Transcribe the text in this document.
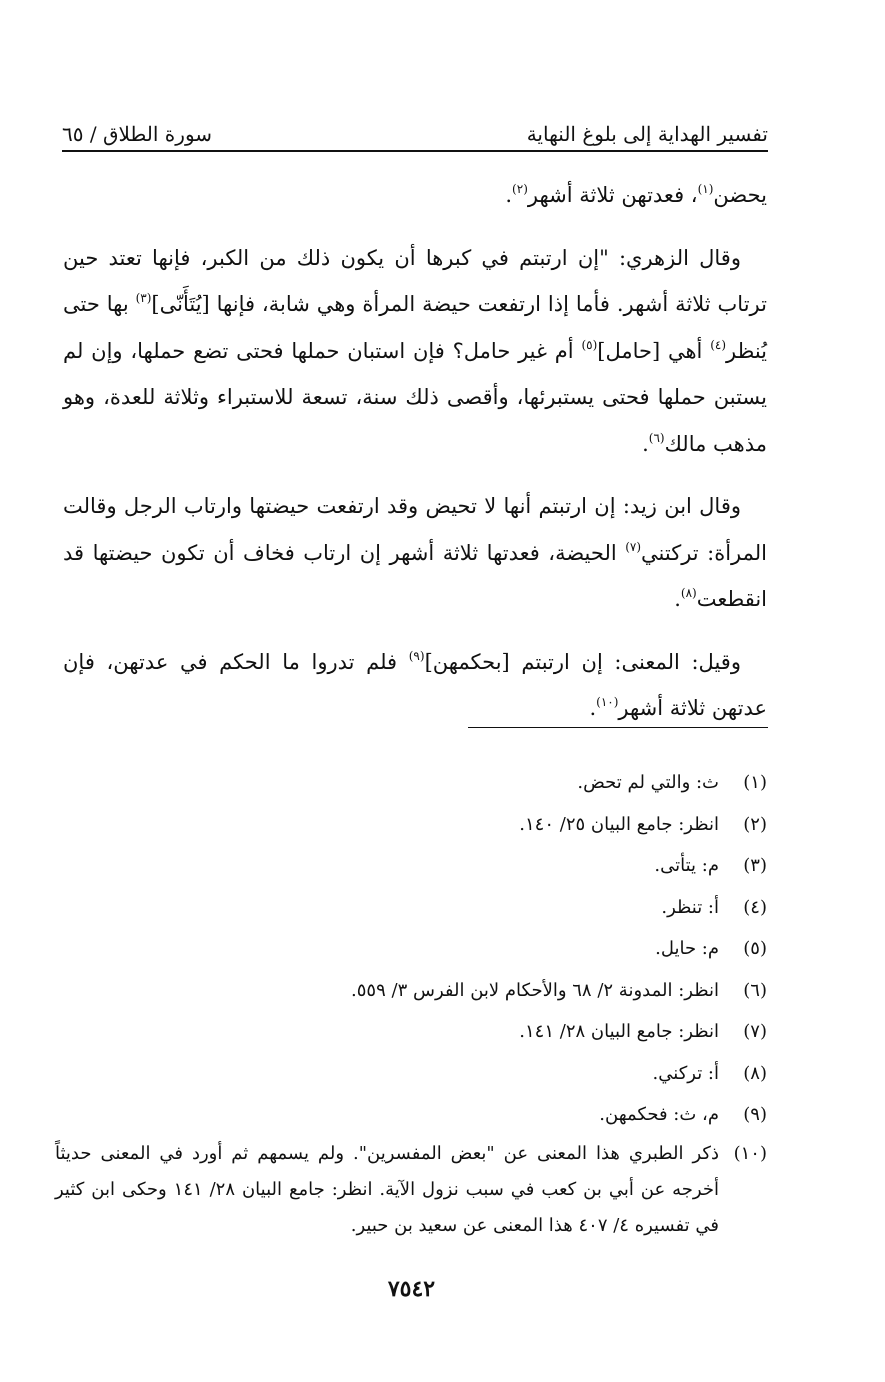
تفسير الهداية إلى بلوغ النهاية
سورة الطلاق / ٦٥

يحضن$^{(١)}$، فعدتهن ثلاثة أشهر$^{(٢)}$.

وقال الزهري: "إن ارتبتم في كبرها أن يكون ذلك من الكبر، فإنها تعتد حين ترتاب ثلاثة أشهر. فأما إذا ارتفعت حيضة المرأة وهي شابة، فإنها [يُتَأَنّى]$^{(٣)}$ بها حتى يُنظر$^{(٤)}$ أهي [حامل]$^{(٥)}$ أم غير حامل؟ فإن استبان حملها فحتى تضع حملها، وإن لم يستبن حملها فحتى يستبرئها، وأقصى ذلك سنة، تسعة للاستبراء وثلاثة للعدة، وهو مذهب مالك$^{(٦)}$.

وقال ابن زيد: إن ارتبتم أنها لا تحيض وقد ارتفعت حيضتها وارتاب الرجل وقالت المرأة: تركتني$^{(٧)}$ الحيضة، فعدتها ثلاثة أشهر إن ارتاب فخاف أن تكون حيضتها قد انقطعت$^{(٨)}$.

وقيل: المعنى: إن ارتبتم [بحكمهن]$^{(٩)}$ فلم تدروا ما الحكم في عدتهن، فإن عدتهن ثلاثة أشهر$^{(١٠)}$.

(١)
ث: والتي لم تحض.
(٢)
انظر: جامع البيان ٢٥/ ١٤٠.
(٣)
م: يتأتى.
(٤)
أ: تنظر.
(٥)
م: حايل.
(٦)
انظر: المدونة ٢/ ٦٨ والأحكام لابن الفرس ٣/ ٥٥٩.
(٧)
انظر: جامع البيان ٢٨/ ١٤١.
(٨)
أ: تركني.
(٩)
م، ث: فحكمهن.
(١٠)
ذكر الطبري هذا المعنى عن "بعض المفسرين". ولم يسمهم ثم أورد في المعنى حديثاً أخرجه عن أبي بن كعب في سبب نزول الآية. انظر: جامع البيان ٢٨/ ١٤١ وحكى ابن كثير في تفسيره ٤/ ٤٠٧ هذا المعنى عن سعيد بن حبير.
٧٥٤٢
